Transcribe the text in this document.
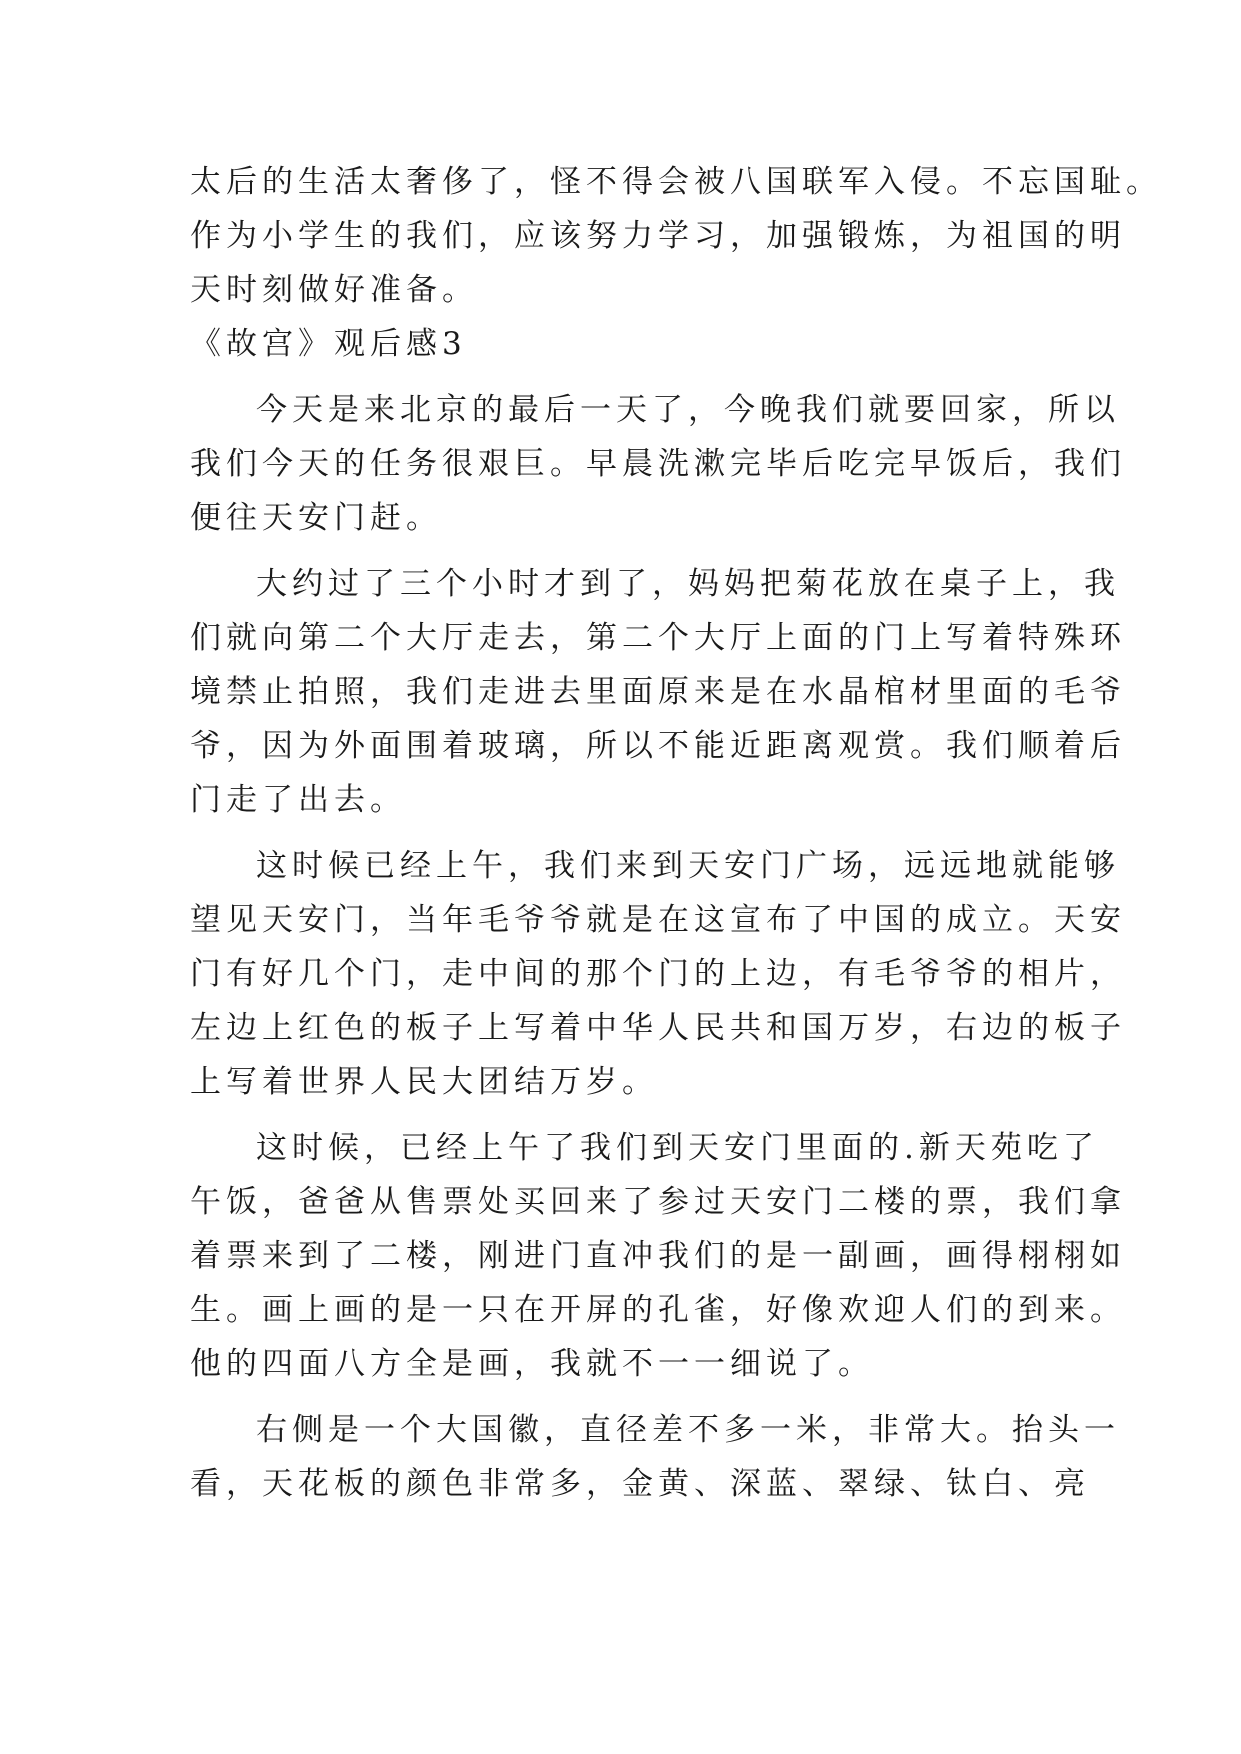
太后的生活太奢侈了，怪不得会被八国联军入侵。不忘国耻。
作为小学生的我们，应该努力学习，加强锻炼，为祖国的明
天时刻做好准备。
《故宫》观后感3
今天是来北京的最后一天了，今晚我们就要回家，所以
我们今天的任务很艰巨。早晨洗漱完毕后吃完早饭后，我们
便往天安门赶。
大约过了三个小时才到了，妈妈把菊花放在桌子上，我
们就向第二个大厅走去，第二个大厅上面的门上写着特殊环
境禁止拍照，我们走进去里面原来是在水晶棺材里面的毛爷
爷，因为外面围着玻璃，所以不能近距离观赏。我们顺着后
门走了出去。
这时候已经上午，我们来到天安门广场，远远地就能够
望见天安门，当年毛爷爷就是在这宣布了中国的成立。天安
门有好几个门，走中间的那个门的上边，有毛爷爷的相片，
左边上红色的板子上写着中华人民共和国万岁，右边的板子
上写着世界人民大团结万岁。
这时候，已经上午了我们到天安门里面的.新天苑吃了
午饭，爸爸从售票处买回来了参过天安门二楼的票，我们拿
着票来到了二楼，刚进门直冲我们的是一副画，画得栩栩如
生。画上画的是一只在开屏的孔雀，好像欢迎人们的到来。
他的四面八方全是画，我就不一一细说了。
右侧是一个大国徽，直径差不多一米，非常大。抬头一
看，天花板的颜色非常多，金黄、深蓝、翠绿、钛白、亮
